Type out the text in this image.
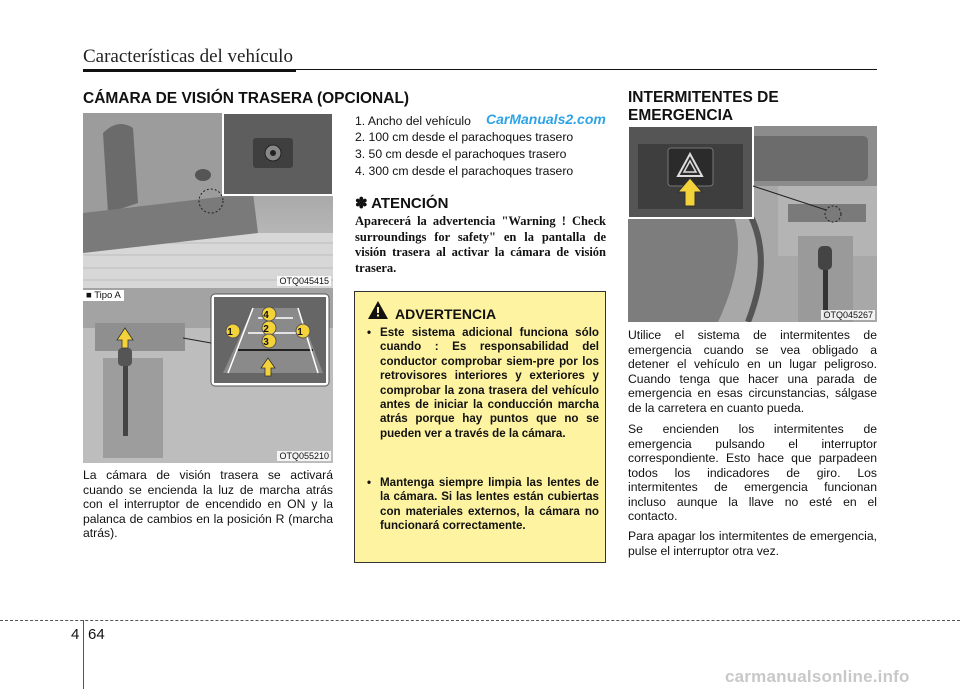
Características del vehículo
CÁMARA DE VISIÓN TRASERA (OPCIONAL)
OTQ045415
4
2
3
1	1
OTQ055210
■ Tipo A
La cámara de visión trasera se activará cuando se encienda la luz de marcha atrás con el interruptor de encendido en ON y la palanca de cambios en la posición R (marcha atrás).
1. Ancho del vehículo
2. 100 cm desde el parachoques trasero
3. 50 cm desde el parachoques trasero
4. 300 cm desde el parachoques trasero
CarManuals2.com
✽ ATENCIÓN
Aparecerá la advertencia "Warning ! Check surroundings for safety" en la pantalla de visión trasera al activar la cámara de visión trasera.
ADVERTENCIA
• Este sistema adicional funciona sólo cuando : Es responsabilidad del conductor comprobar siem-pre por los retrovisores interiores y exteriores y comprobar la zona trasera del vehículo antes de iniciar la conducción marcha atrás porque hay puntos que no se pueden ver a través de la cámara.
• Mantenga siempre limpia las lentes de la cámara. Si las lentes están cubiertas con materiales externos, la cámara no funcionará correctamente.
INTERMITENTES DE
EMERGENCIA
OTQ045267
Utilice el sistema de intermitentes de emergencia cuando se vea obligado a detener el vehículo en un lugar peligroso. Cuando tenga que hacer una parada de emergencia en esas circunstancias, sálgase de la carretera en cuanto pueda.
Se encienden los intermitentes de emergencia pulsando el interruptor correspondiente. Esto hace que parpadeen todos los indicadores de giro. Los intermitentes de emergencia funcionan incluso aunque la llave no esté en el contacto.
Para apagar los intermitentes de emergencia, pulse el interruptor otra vez.
4 64
carmanualsonline.info
